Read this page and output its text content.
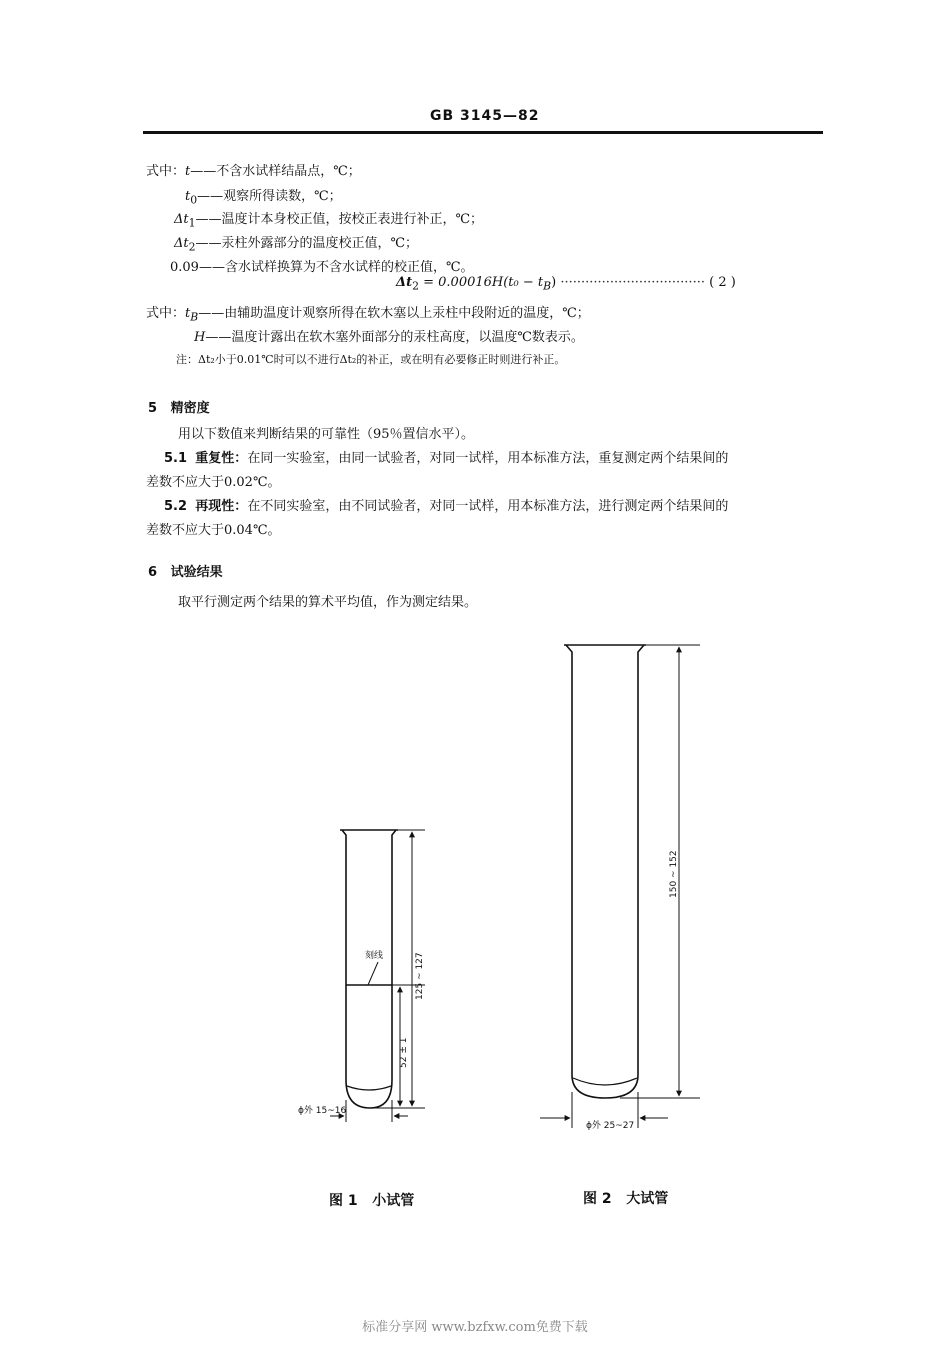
GB 3145—82
式中：t——不含水试样结晶点，℃；
$t_0——$观察所得读数，℃；
$\Delta t_1——$温度计本身校正值，按校正表进行补正，℃；
$\Delta t_2——$汞柱外露部分的温度校正值，℃；
0.09——含水试样换算为不含水试样的校正值，℃。
$\Delta t_2 = 0.00016H(t_0 - t_B)$ ··································· ( 2 )
式中：$t_B——$由辅助温度计观察所得在软木塞以上汞柱中段附近的温度，℃；
H——温度计露出在软木塞外面部分的汞柱高度，以温度℃数表示。
注：Δt₂小于0.01℃时可以不进行Δt₂的补正，或在明有必要修正时则进行补正。
5 精密度
用以下数值来判断结果的可靠性（95％置信水平）。
5.1 重复性：在同一实验室，由同一试验者，对同一试样，用本标准方法，重复测定两个结果间的
差数不应大于0.02℃。
5.2 再现性：在不同实验室，由不同试验者，对同一试样，用本标准方法，进行测定两个结果间的
差数不应大于0.04℃。
6 试验结果
取平行测定两个结果的算术平均值，作为测定结果。
刻线	125 ~ 127
52 ± 1
ϕ外 15~16
150 ~ 152
ϕ外 25~27
图 1 小试管	图 2 大试管
标准分享网 www.bzfxw.com免费下载
